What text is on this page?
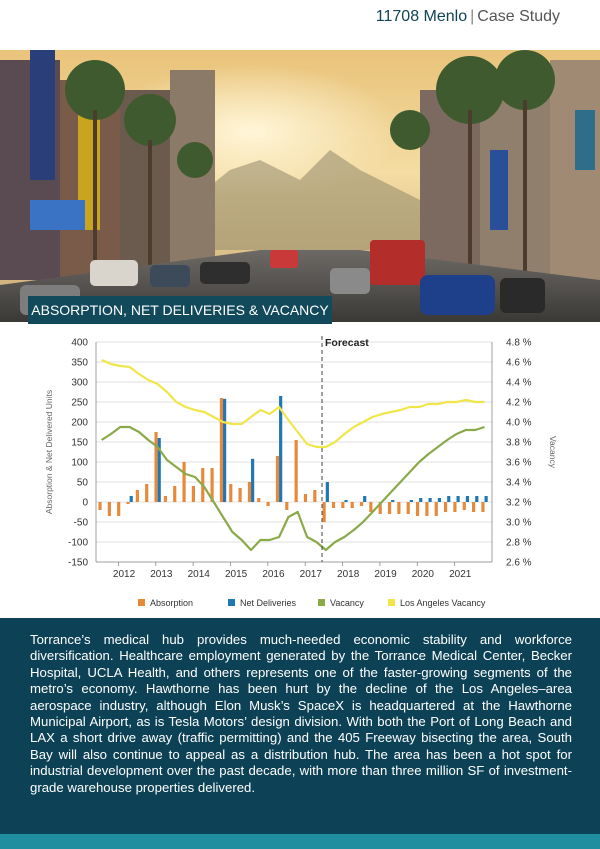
11708 Menlo | Case Study
ABSORPTION, NET DELIVERIES & VACANCY
400	4.8 %
350	4.6 %
300	4.4 %
250	4.2 %
200	4.0 %
150	3.8 %
100	3.6 %
50	3.4 %
0	3.2 %
-50	3.0 %
-100	2.8 %
-150	2.6 %
2012 2013 2014 2015 2016 2017 2018 2019 2020 2021
Absorption & Net Delivered Units	Vacancy
Forecast
Absorption	Net Deliveries	Vacancy	Los Angeles Vacancy

Torrance’s medical hub provides much-needed economic stability and workforce diversification. Healthcare employment generated by the Torrance Medical Center, Becker Hospital, UCLA Health, and others represents one of the faster-growing segments of the metro’s economy. Hawthorne has been hurt by the decline of the Los Angeles–area aerospace industry, although Elon Musk’s SpaceX is headquartered at the Hawthorne Municipal Airport, as is Tesla Motors’ design division. With both the Port of Long Beach and LAX a short drive away (traffic permitting) and the 405 Freeway bisecting the area, South Bay will also continue to appeal as a distribution hub. The area has been a hot spot for industrial development over the past decade, with more than three million SF of investment-grade warehouse properties delivered.
